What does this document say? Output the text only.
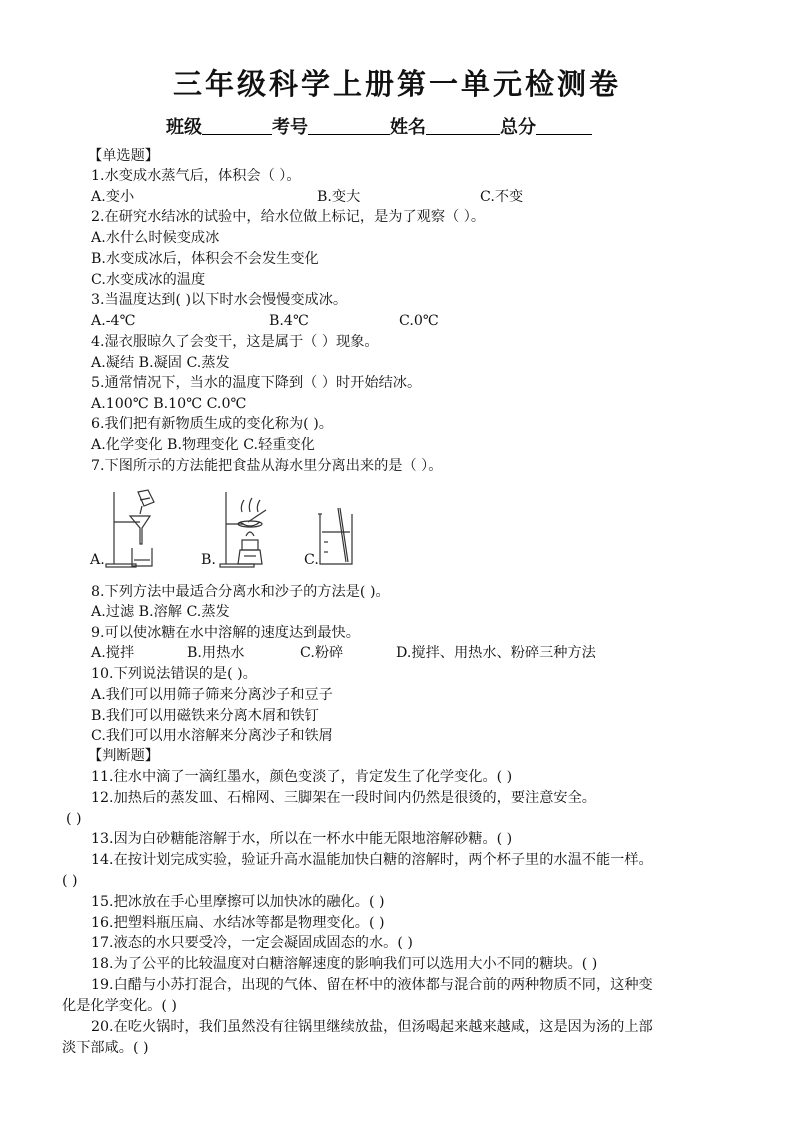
三年级科学上册第一单元检测卷
班级	考号	姓名	总分
【单选题】
1.水变成水蒸气后，体积会（ ）。
A.变小	B.变大	C.不变
2.在研究水结冰的试验中，给水位做上标记，是为了观察（ ）。
A.水什么时候变成冰
B.水变成冰后，体积会不会发生变化
C.水变成冰的温度
3.当温度达到( )以下时水会慢慢变成冰。
A.-4℃	B.4℃	C.0℃
4.湿衣服晾久了会变干，这是属于（ ）现象。
A.凝结 B.凝固 C.蒸发
5.通常情况下，当水的温度下降到（ ）时开始结冰。
A.100℃ B.10℃ C.0℃
6.我们把有新物质生成的变化称为( )。
A.化学变化 B.物理变化 C.轻重变化
7.下图所示的方法能把食盐从海水里分离出来的是（ ）。
A.	B.	C.
8.下列方法中最适合分离水和沙子的方法是( )。
A.过滤 B.溶解 C.蒸发
9.可以使冰糖在水中溶解的速度达到最快。
A.搅拌	B.用热水	C.粉碎	D.搅拌、用热水、粉碎三种方法
10.下列说法错误的是( )。
A.我们可以用筛子筛来分离沙子和豆子
B.我们可以用磁铁来分离木屑和铁钉
C.我们可以用水溶解来分离沙子和铁屑
【判断题】
11.往水中滴了一滴红墨水，颜色变淡了，肯定发生了化学变化。( )
12.加热后的蒸发皿、石棉网、三脚架在一段时间内仍然是很烫的，要注意安全。
( )
13.因为白砂糖能溶解于水，所以在一杯水中能无限地溶解砂糖。( )
14.在按计划完成实验，验证升高水温能加快白糖的溶解时，两个杯子里的水温不能一样。
( )
15.把冰放在手心里摩擦可以加快冰的融化。( )
16.把塑料瓶压扁、水结冰等都是物理变化。( )
17.液态的水只要受冷，一定会凝固成固态的水。( )
18.为了公平的比较温度对白糖溶解速度的影响我们可以选用大小不同的糖块。( )
19.白醋与小苏打混合，出现的气体、留在杯中的液体都与混合前的两种物质不同，这种变
化是化学变化。( )
20.在吃火锅时，我们虽然没有往锅里继续放盐，但汤喝起来越来越咸，这是因为汤的上部
淡下部咸。( )
